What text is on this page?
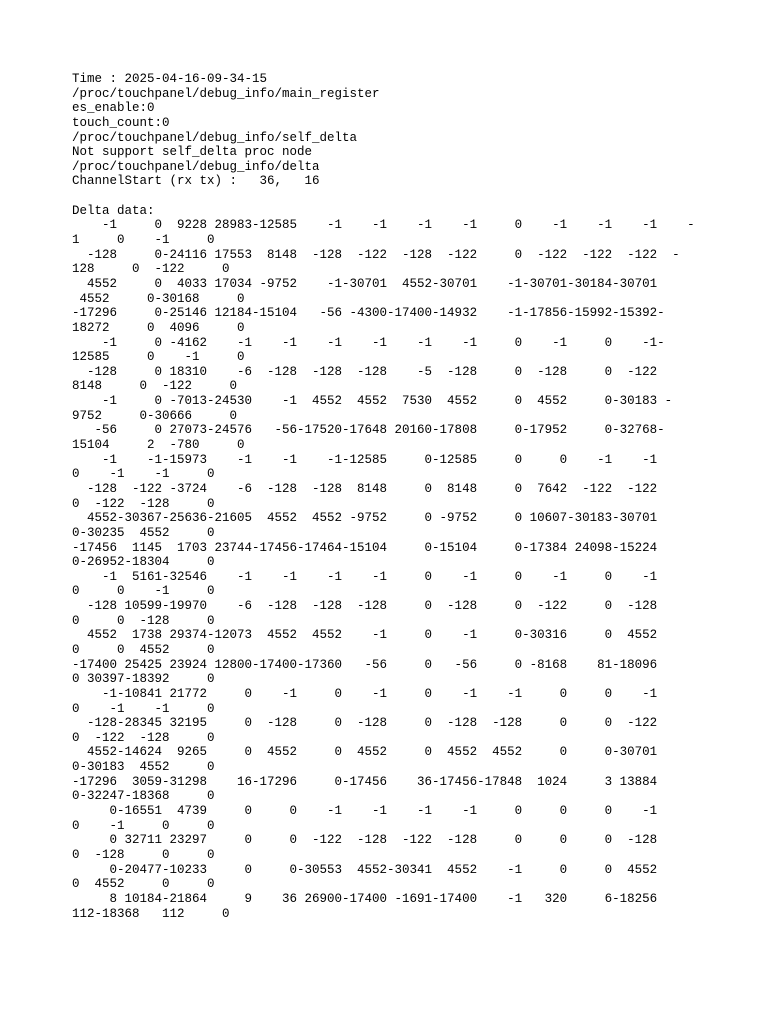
Time : 2025-04-16-09-34-15
/proc/touchpanel/debug_info/main_register
es_enable:0
touch_count:0
/proc/touchpanel/debug_info/self_delta
Not support self_delta proc node
/proc/touchpanel/debug_info/delta
ChannelStart (rx tx) :   36,   16

Delta data:
-1     0  9228 28983-12585    -1    -1    -1    -1     0    -1    -1    -1    -
1     0    -1     0
-128     0-24116 17553  8148  -128  -122  -128  -122     0  -122  -122  -122  -
128     0  -122     0
4552     0  4033 17034 -9752    -1-30701  4552-30701    -1-30701-30184-30701
4552     0-30168     0
-17296     0-25146 12184-15104   -56 -4300-17400-14932    -1-17856-15992-15392-
18272     0  4096     0
-1     0 -4162    -1    -1    -1    -1    -1    -1     0    -1     0    -1-
12585     0    -1     0
-128     0 18310    -6  -128  -128  -128    -5  -128     0  -128     0  -122
8148     0  -122     0
-1     0 -7013-24530    -1  4552  4552  7530  4552     0  4552     0-30183 -
9752     0-30666     0
-56     0 27073-24576   -56-17520-17648 20160-17808     0-17952     0-32768-
15104     2  -780     0
-1    -1-15973    -1    -1    -1-12585     0-12585     0     0    -1    -1
0    -1    -1     0
-128  -122 -3724    -6  -128  -128  8148     0  8148     0  7642  -122  -122
0  -122  -128     0
4552-30367-25636-21605  4552  4552 -9752     0 -9752     0 10607-30183-30701
0-30235  4552     0
-17456  1145  1703 23744-17456-17464-15104     0-15104     0-17384 24098-15224
0-26952-18304     0
-1  5161-32546    -1    -1    -1    -1     0    -1     0    -1     0    -1
0     0    -1     0
-128 10599-19970    -6  -128  -128  -128     0  -128     0  -122     0  -128
0     0  -128     0
4552  1738 29374-12073  4552  4552    -1     0    -1     0-30316     0  4552
0     0  4552     0
-17400 25425 23924 12800-17400-17360   -56     0   -56     0 -8168    81-18096
0 30397-18392     0
-1-10841 21772     0    -1     0    -1     0    -1    -1     0     0    -1
0    -1    -1     0
-128-28345 32195     0  -128     0  -128     0  -128  -128     0     0  -122
0  -122  -128     0
4552-14624  9265     0  4552     0  4552     0  4552  4552     0     0-30701
0-30183  4552     0
-17296  3059-31298    16-17296     0-17456    36-17456-17848  1024     3 13884
0-32247-18368     0
0-16551  4739     0     0    -1    -1    -1    -1     0     0     0    -1
0    -1     0     0
0 32711 23297     0     0  -122  -128  -122  -128     0     0     0  -128
0  -128     0     0
0-20477-10233     0     0-30553  4552-30341  4552    -1     0     0  4552
0  4552     0     0
8 10184-21864     9    36 26900-17400 -1691-17400    -1   320     6-18256
112-18368   112     0
